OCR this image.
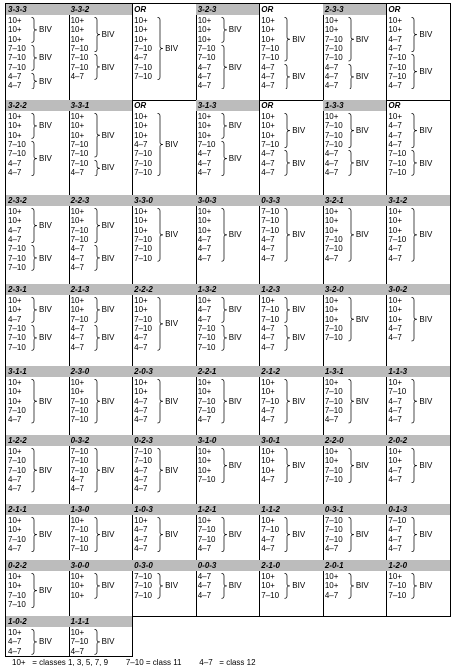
3-3-3
10+
10+
10+
7–10
7–10
7–10
4–7
4–7
BIV
BIV
BIV
3-3-2
10+
10+
10+
7–10
7–10
7–10
4–7
BIV
BIV
OR
10+
10+
10+
7–10
4–7
7–10
7–10
BIV
3-2-3
10+
10+
10+
7–10
7–10
4–7
4–7
4–7
BIV
BIV
OR
10+
10+
10+
7–10
7–10
4–7
4–7
4–7
BIV
BIV
2-3-3
10+
10+
7–10
7–10
7–10
4–7
4–7
4–7
BIV
BIV
OR
10+
10+
4–7
4–7
7–10
7–10
7–10
4–7
BIV
BIV
3-2-2
10+
10+
10+
7–10
7–10
4–7
4–7
BIV
BIV
3-3-1
10+
10+
10+
7–10
7–10
7–10
4–7
BIV
BIV
OR
10+
10+
10+
4–7
7–10
7–10
7–10
BIV
3-1-3
10+
10+
10+
7–10
4–7
4–7
4–7
BIV
BIV
OR
10+
10+
10+
7–10
4–7
4–7
4–7
BIV
BIV
1-3-3
10+
7–10
7–10
7–10
4–7
4–7
4–7
BIV
BIV
OR
10+
4–7
4–7
4–7
7–10
7–10
7–10
BIV
BIV
2-3-2
10+
10+
4–7
4–7
7–10
7–10
7–10
BIV
BIV
2-2-3
10+
10+
7–10
7–10
4–7
4–7
4–7
BIV
BIV
3-3-0
10+
10+
10+
7–10
7–10
7–10
BIV
3-0-3
10+
10+
10+
4–7
4–7
4–7
BIV
0-3-3
7–10
7–10
7–10
4–7
4–7
4–7
BIV
3-2-1
10+
10+
10+
7–10
7–10
4–7
BIV
3-1-2
10+
10+
10+
7–10
4–7
4–7
BIV
2-3-1
10+
10+
4–7
7–10
7–10
7–10
BIV
BIV
2-1-3
10+
10+
7–10
4–7
4–7
4–7
BIV
BIV
2-2-2
10+
10+
7–10
7–10
4–7
4–7
BIV
1-3-2
10+
4–7
4–7
7–10
7–10
7–10
BIV
BIV
1-2-3
10+
7–10
7–10
4–7
4–7
4–7
BIV
BIV
3-2-0
10+
10+
10+
7–10
7–10
BIV
3-0-2
10+
10+
10+
4–7
4–7
BIV
3-1-1
10+
10+
10+
7–10
4–7
BIV
2-3-0
10+
10+
7–10
7–10
7–10
BIV
2-0-3
10+
10+
4–7
4–7
4–7
BIV
2-2-1
10+
10+
7–10
7–10
4–7
BIV
2-1-2
10+
10+
7–10
4–7
4–7
BIV
1-3-1
10+
7–10
7–10
7–10
4–7
BIV
1-1-3
10+
7–10
4–7
4–7
4–7
BIV
1-2-2
10+
7–10
7–10
4–7
4–7
BIV
0-3-2
7–10
7–10
7–10
4–7
4–7
BIV
0-2-3
7–10
7–10
4–7
4–7
4–7
BIV
3-1-0
10+
10+
10+
7–10
BIV
3-0-1
10+
10+
10+
4–7
BIV
2-2-0
10+
10+
7–10
7–10
BIV
2-0-2
10+
10+
4–7
4–7
BIV
2-1-1
10+
10+
7–10
4–7
BIV
1-3-0
10+
7–10
7–10
7–10
BIV
1-0-3
10+
4–7
4–7
4–7
BIV
1-2-1
10+
7–10
7–10
4–7
BIV
1-1-2
10+
7–10
4–7
4–7
BIV
0-3-1
7–10
7–10
7–10
4–7
BIV
0-1-3
7–10
4–7
4–7
4–7
BIV
0-2-2
10+
10+
7–10
7–10
BIV
3-0-0
10+
10+
10+
BIV
0-3-0
7–10
7–10
7–10
BIV
0-0-3
4–7
4–7
4–7
BIV
2-1-0
10+
10+
7–10
BIV
2-0-1
10+
10+
4–7
BIV
1-2-0
10+
7–10
7–10
BIV
1-0-2
10+
4–7
4–7
BIV
1-1-1
10+
7–10
4–7
BIV
10+   = classes 1, 3, 5, 7, 9        7–10 = class 11        4–7   = class 12
